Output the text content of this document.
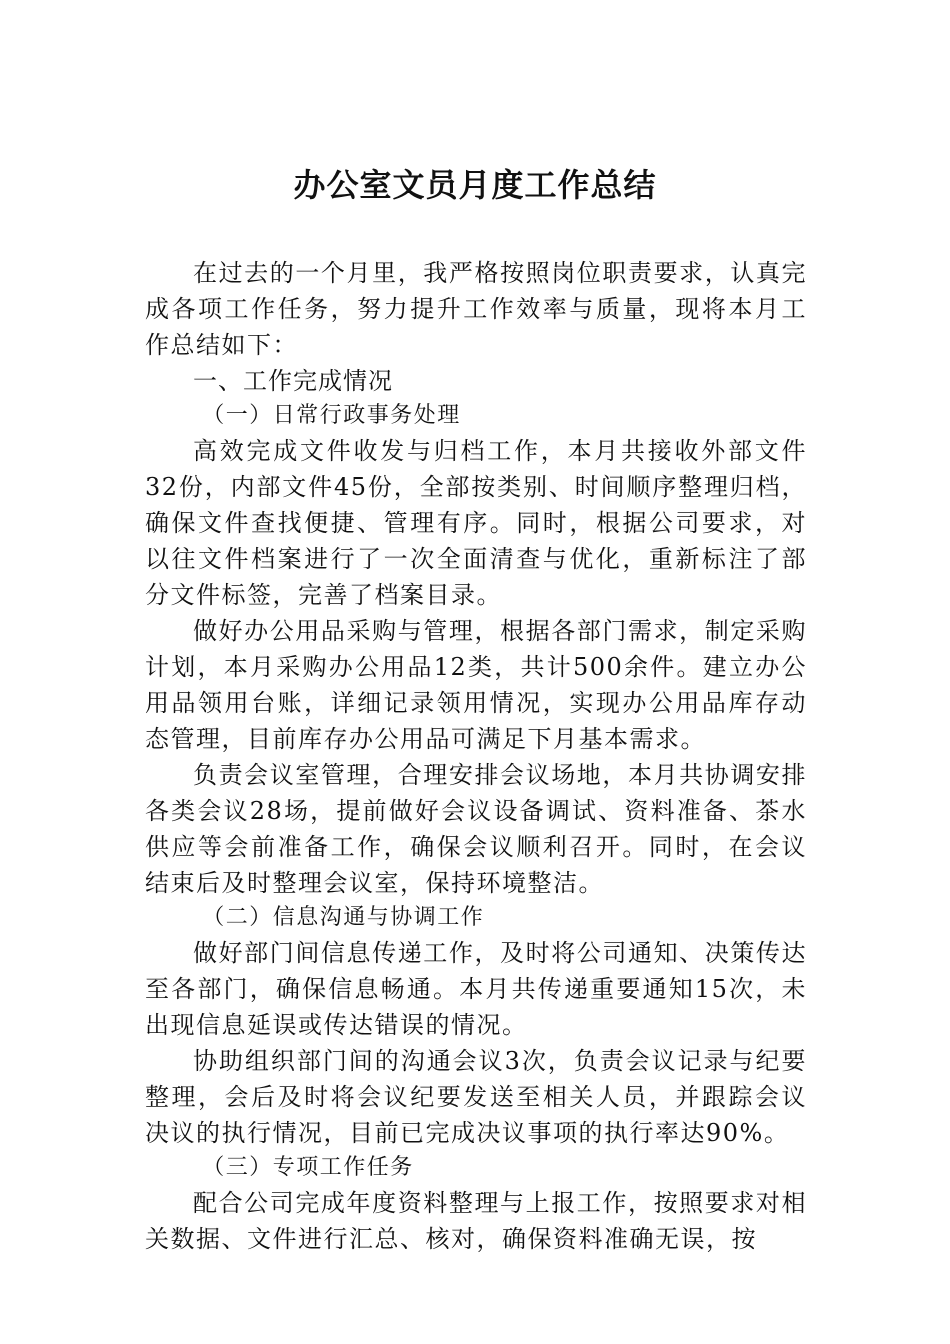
办公室文员月度工作总结

在过去的一个月里，我严格按照岗位职责要求，认真完成各项工作任务，努力提升工作效率与质量，现将本月工作总结如下：

一、工作完成情况

（一）日常行政事务处理

高效完成文件收发与归档工作，本月共接收外部文件32份，内部文件45份，全部按类别、时间顺序整理归档，确保文件查找便捷、管理有序。同时，根据公司要求，对以往文件档案进行了一次全面清查与优化，重新标注了部分文件标签，完善了档案目录。

做好办公用品采购与管理，根据各部门需求，制定采购计划，本月采购办公用品12类，共计500余件。建立办公用品领用台账，详细记录领用情况，实现办公用品库存动态管理，目前库存办公用品可满足下月基本需求。

负责会议室管理，合理安排会议场地，本月共协调安排各类会议28场，提前做好会议设备调试、资料准备、茶水供应等会前准备工作，确保会议顺利召开。同时，在会议结束后及时整理会议室，保持环境整洁。

（二）信息沟通与协调工作

做好部门间信息传递工作，及时将公司通知、决策传达至各部门，确保信息畅通。本月共传递重要通知15次，未出现信息延误或传达错误的情况。

协助组织部门间的沟通会议3次，负责会议记录与纪要整理，会后及时将会议纪要发送至相关人员，并跟踪会议决议的执行情况，目前已完成决议事项的执行率达90%。

（三）专项工作任务

配合公司完成年度资料整理与上报工作，按照要求对相关数据、文件进行汇总、核对，确保资料准确无误，按
